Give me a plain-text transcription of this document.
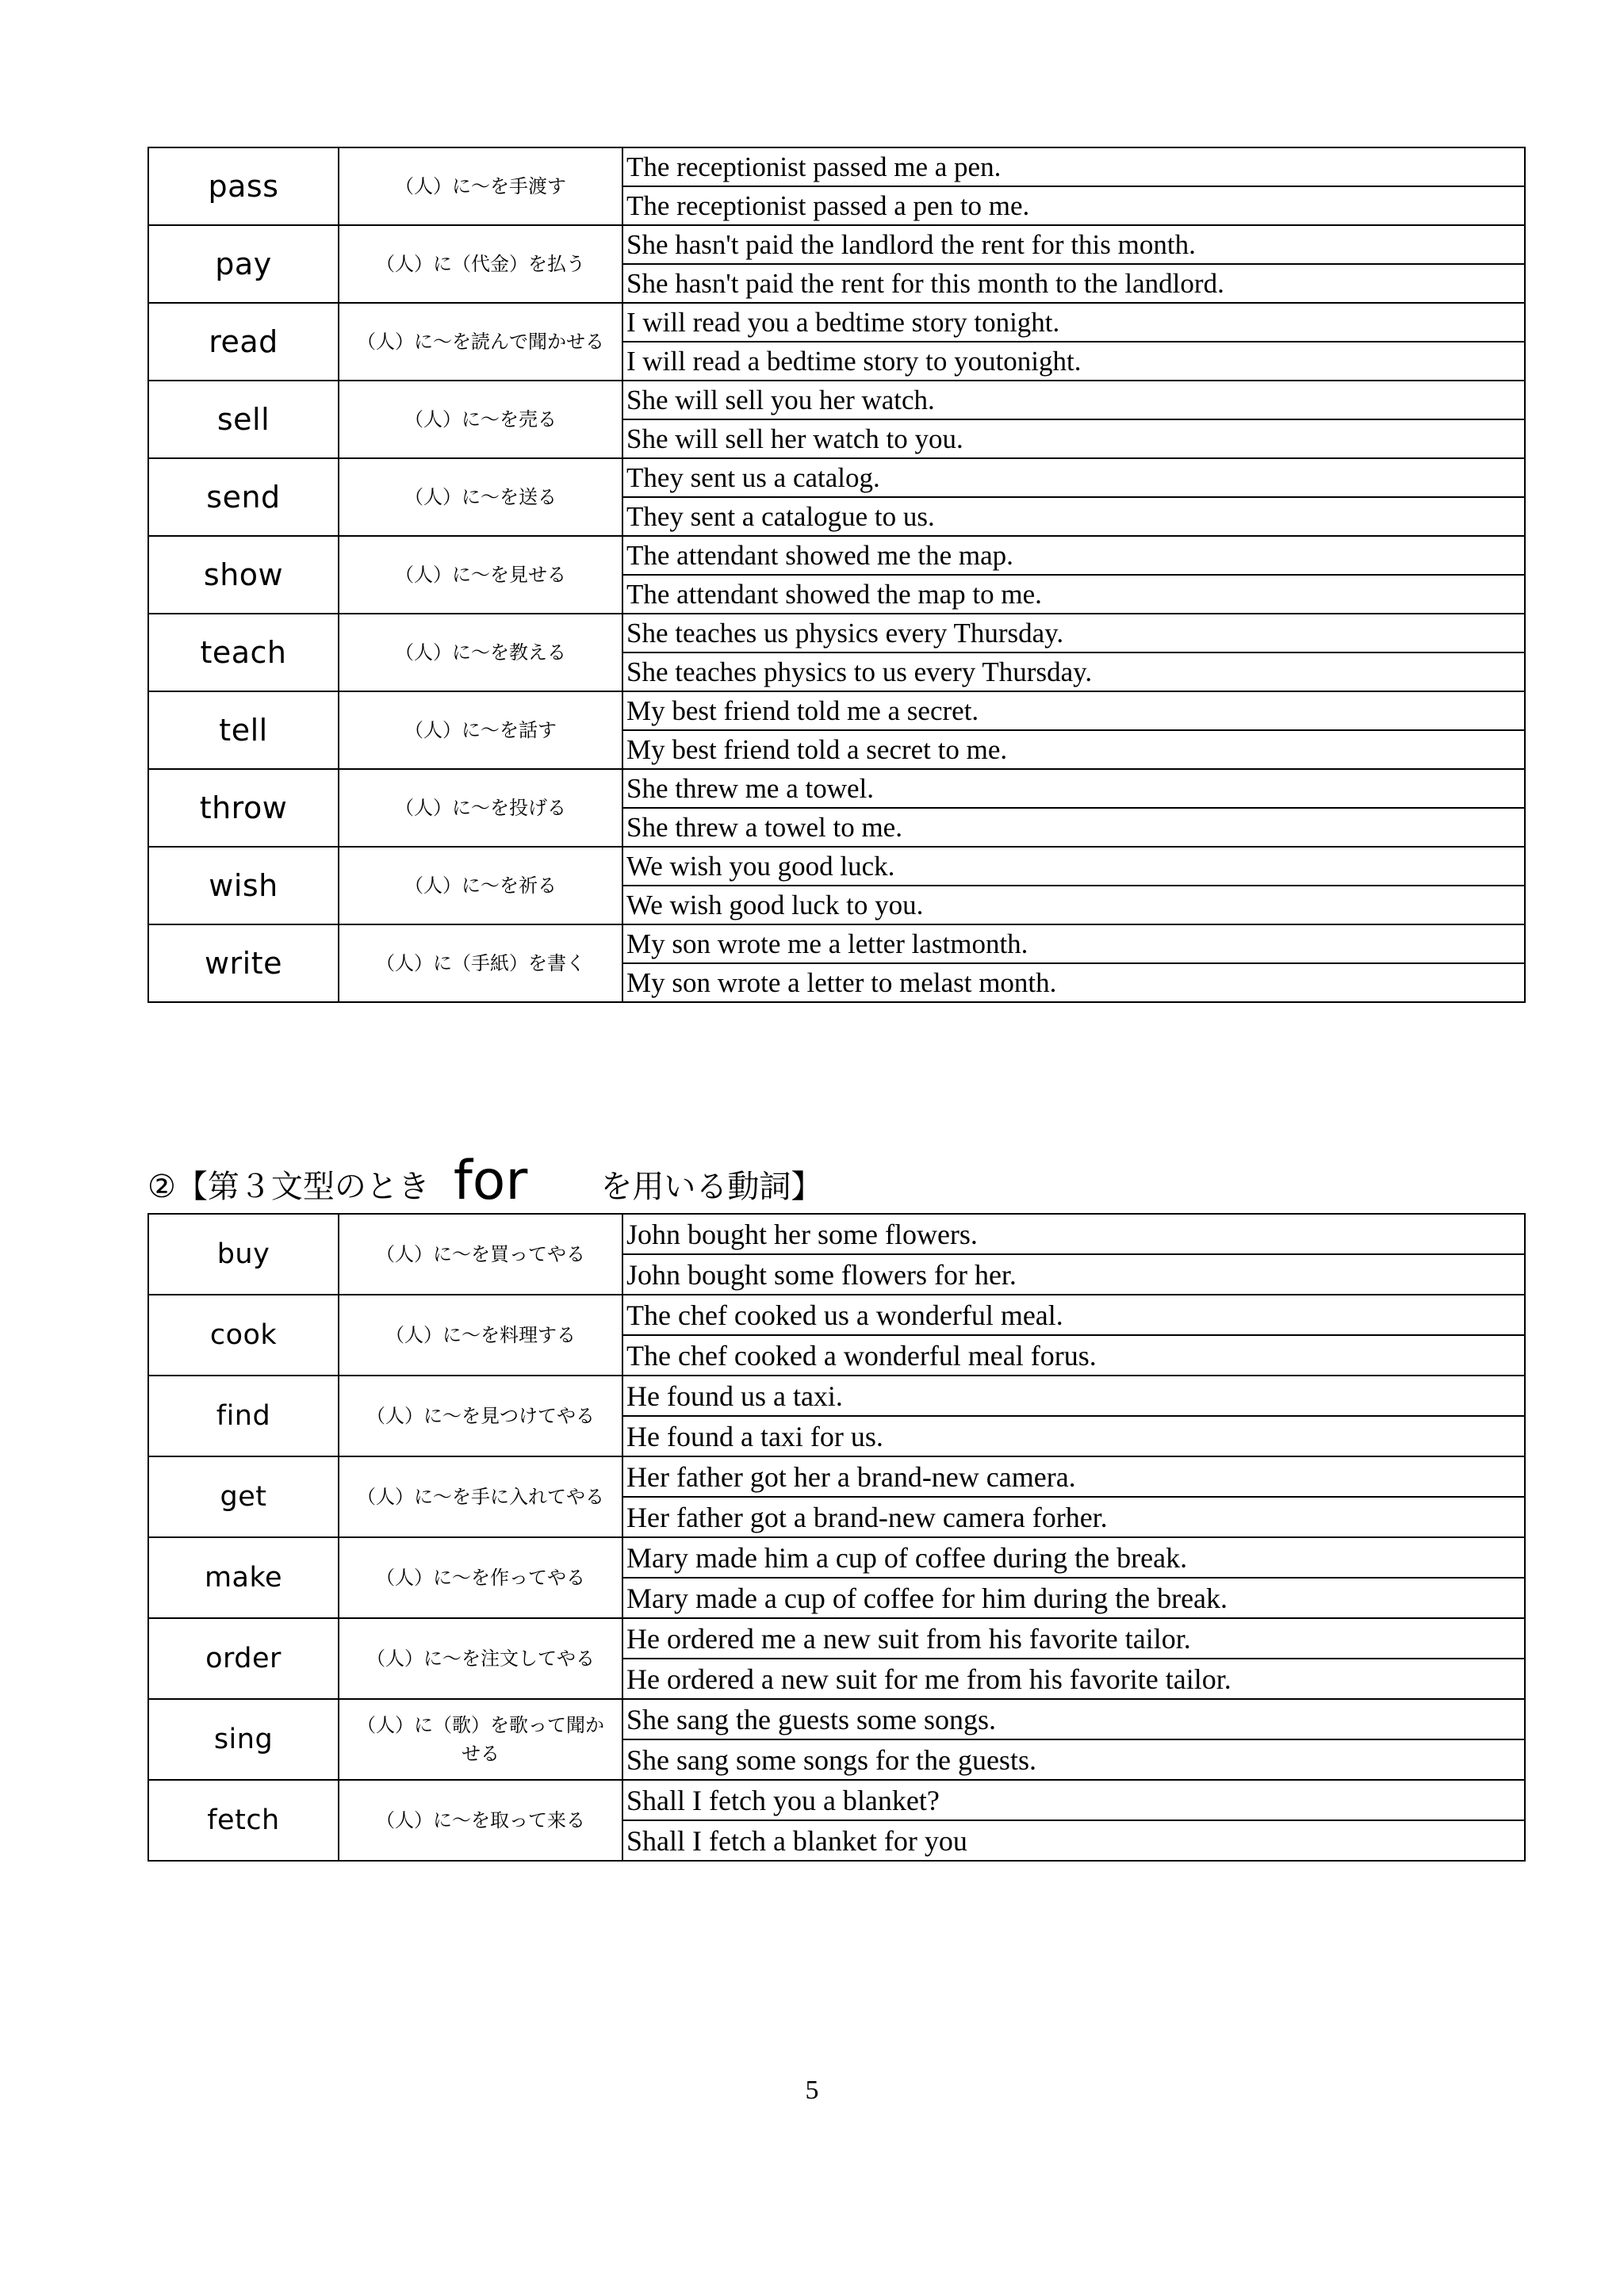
pass	（人）に〜を手渡す	The receptionist passed me a pen.
		The receptionist passed a pen to me.
pay	（人）に（代金）を払う	She hasn't paid the landlord the rent for this month.
		She hasn't paid the rent for this month to the landlord.
read	（人）に〜を読んで聞かせる	I will read you a bedtime story tonight.
		I will read a bedtime story to youtonight.
sell	（人）に〜を売る	She will sell you her watch.
		She will sell her watch to you.
send	（人）に〜を送る	They sent us a catalog.
		They sent a catalogue to us.
show	（人）に〜を見せる	The attendant showed me the map.
		The attendant showed the map to me.
teach	（人）に〜を教える	She teaches us physics every Thursday.
		She teaches physics to us every Thursday.
tell	（人）に〜を話す	My best friend told me a secret.
		My best friend told a secret to me.
throw	（人）に〜を投げる	She threw me a towel.
		She threw a towel to me.
wish	（人）に〜を祈る	We wish you good luck.
		We wish good luck to you.
write	（人）に（手紙）を書く	My son wrote me a letter lastmonth.
		My son wrote a letter to melast month.
②【第３文型のとき for を用いる動詞】
buy	（人）に〜を買ってやる	John bought her some flowers.
		John bought some flowers for her.
cook	（人）に〜を料理する	The chef cooked us a wonderful meal.
		The chef cooked a wonderful meal forus.
find	（人）に〜を見つけてやる	He found us a taxi.
		He found a taxi for us.
get	（人）に〜を手に入れてやる	Her father got her a brand-new camera.
		Her father got a brand-new camera forher.
make	（人）に〜を作ってやる	Mary made him a cup of coffee during the break.
		Mary made a cup of coffee for him during the break.
order	（人）に〜を注文してやる	He ordered me a new suit from his favorite tailor.
		He ordered a new suit for me from his favorite tailor.
sing	（人）に（歌）を歌って聞かせる	She sang the guests some songs.
		She sang some songs for the guests.
fetch	（人）に〜を取って来る	Shall I fetch you a blanket?
		Shall I fetch a blanket for you
5
